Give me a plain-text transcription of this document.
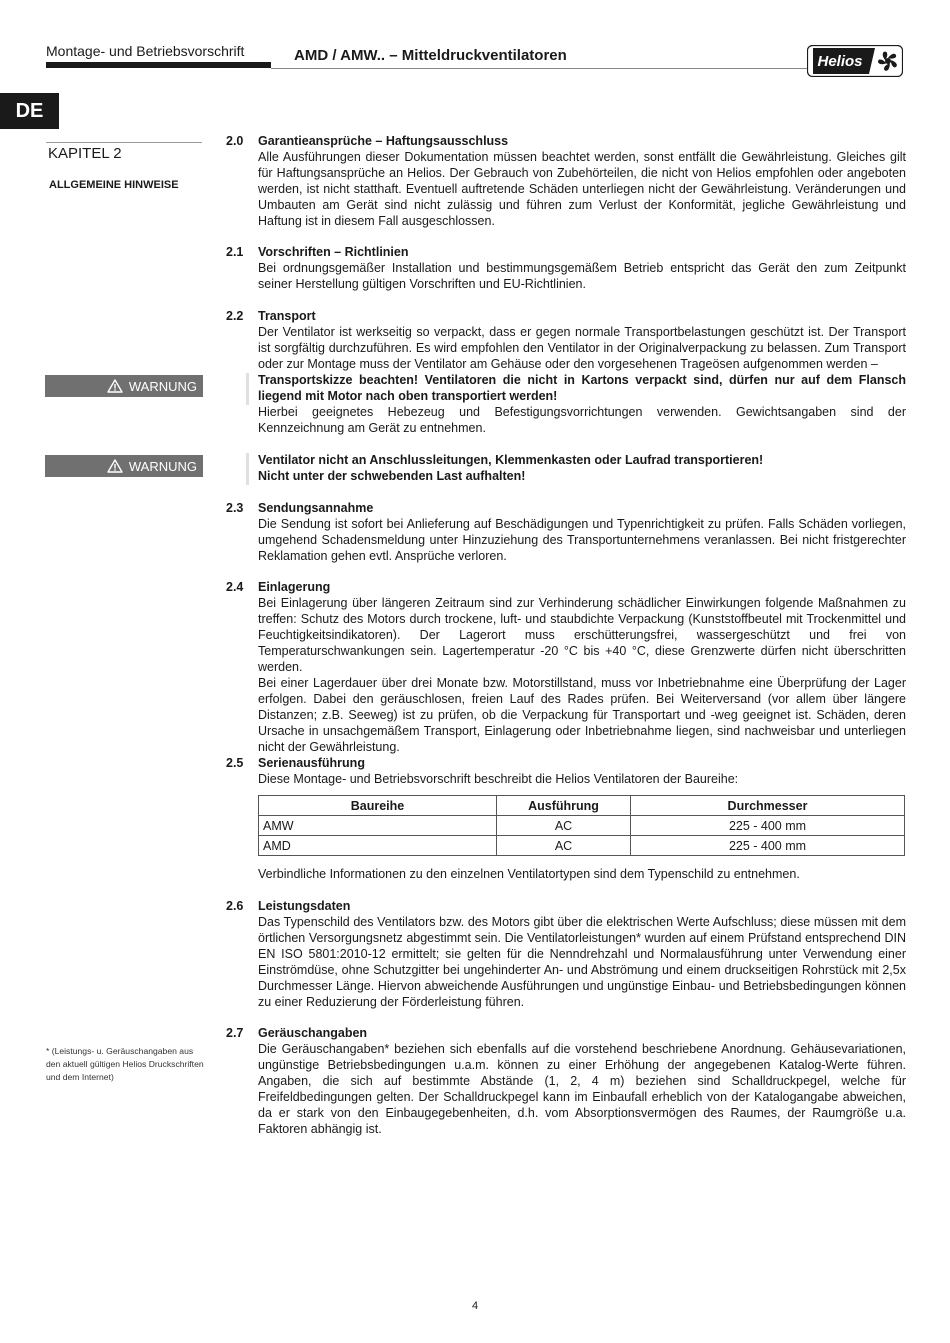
Montage- und Betriebsvorschrift	AMD / AMW.. – Mitteldruckventilatoren	Helios
DE
KAPITEL 2
ALLGEMEINE HINWEISE
WARNUNG
WARNUNG
* (Leistungs- u. Geräuschangaben aus den aktuell gültigen Helios Druckschriften und dem Internet)
2.0 Garantieansprüche – Haftungsausschluss

Alle Ausführungen dieser Dokumentation müssen beachtet werden, sonst entfällt die Gewährleistung. Gleiches gilt für Haftungsansprüche an Helios. Der Gebrauch von Zubehörteilen, die nicht von Helios empfohlen oder angeboten werden, ist nicht statthaft. Eventuell auftretende Schäden unterliegen nicht der Gewährleistung. Veränderungen und Umbauten am Gerät sind nicht zulässig und führen zum Verlust der Konformität, jegliche Gewährleistung und Haftung ist in diesem Fall ausgeschlossen.

2.1 Vorschriften – Richtlinien

Bei ordnungsgemäßer Installation und bestimmungsgemäßem Betrieb entspricht das Gerät den zum Zeitpunkt seiner Herstellung gültigen Vorschriften und EU-Richtlinien.

2.2 Transport

Der Ventilator ist werkseitig so verpackt, dass er gegen normale Transportbelastungen geschützt ist. Der Transport ist sorgfältig durchzuführen. Es wird empfohlen den Ventilator in der Originalverpackung zu belassen. Zum Transport oder zur Montage muss der Ventilator am Gehäuse oder den vorgesehenen Trageösen aufgenommen werden –

Transportskizze beachten! Ventilatoren die nicht in Kartons verpackt sind, dürfen nur auf dem Flansch liegend mit Motor nach oben transportiert werden!

Hierbei geeignetes Hebezeug und Befestigungsvorrichtungen verwenden. Gewichtsangaben sind der Kennzeichnung am Gerät zu entnehmen.

Ventilator nicht an Anschlussleitungen, Klemmenkasten oder Laufrad transportieren!

Nicht unter der schwebenden Last aufhalten!

2.3 Sendungsannahme

Die Sendung ist sofort bei Anlieferung auf Beschädigungen und Typenrichtigkeit zu prüfen. Falls Schäden vorliegen, umgehend Schadensmeldung unter Hinzuziehung des Transportunternehmens veranlassen. Bei nicht fristgerechter Reklamation gehen evtl. Ansprüche verloren.

2.4 Einlagerung

Bei Einlagerung über längeren Zeitraum sind zur Verhinderung schädlicher Einwirkungen folgende Maßnahmen zu treffen: Schutz des Motors durch trockene, luft- und staubdichte Verpackung (Kunststoffbeutel mit Trockenmittel und Feuchtigkeitsindikatoren). Der Lagerort muss erschütterungsfrei, wassergeschützt und frei von Temperaturschwankungen sein. Lagertemperatur -20 °C bis +40 °C, diese Grenzwerte dürfen nicht überschritten werden.

Bei einer Lagerdauer über drei Monate bzw. Motorstillstand, muss vor Inbetriebnahme eine Überprüfung der Lager erfolgen. Dabei den geräuschlosen, freien Lauf des Rades prüfen. Bei Weiterversand (vor allem über längere Distanzen; z.B. Seeweg) ist zu prüfen, ob die Verpackung für Transportart und -weg geeignet ist. Schäden, deren Ursache in unsachgemäßem Transport, Einlagerung oder Inbetriebnahme liegen, sind nachweisbar und unterliegen nicht der Gewährleistung.

2.5 Serienausführung

Diese Montage- und Betriebsvorschrift beschreibt die Helios Ventilatoren der Baureihe:

Baureihe	Ausführung	Durchmesser
AMW	AC	225 - 400 mm
AMD	AC	225 - 400 mm

Verbindliche Informationen zu den einzelnen Ventilatortypen sind dem Typenschild zu entnehmen.

2.6 Leistungsdaten

Das Typenschild des Ventilators bzw. des Motors gibt über die elektrischen Werte Aufschluss; diese müssen mit dem örtlichen Versorgungsnetz abgestimmt sein. Die Ventilatorleistungen* wurden auf einem Prüfstand entsprechend DIN EN ISO 5801:2010-12 ermittelt; sie gelten für die Nenndrehzahl und Normalausführung unter Verwendung einer Einströmdüse, ohne Schutzgitter bei ungehinderter An- und Abströmung und einem druckseitigen Rohrstück mit 2,5x Durchmesser Länge. Hiervon abweichende Ausführungen und ungünstige Einbau- und Betriebsbedingungen können zu einer Reduzierung der Förderleistung führen.

2.7 Geräuschangaben

Die Geräuschangaben* beziehen sich ebenfalls auf die vorstehend beschriebene Anordnung. Gehäusevariationen, ungünstige Betriebsbedingungen u.a.m. können zu einer Erhöhung der angegebenen Katalog-Werte führen. Angaben, die sich auf bestimmte Abstände (1, 2, 4 m) beziehen sind Schalldruckpegel, welche für Freifeldbedingungen gelten. Der Schalldruckpegel kann im Einbaufall erheblich von der Katalogangabe abweichen, da er stark von den Einbaugegebenheiten, d.h. vom Absorptionsvermögen des Raumes, der Raumgröße u.a. Faktoren abhängig ist.

4
